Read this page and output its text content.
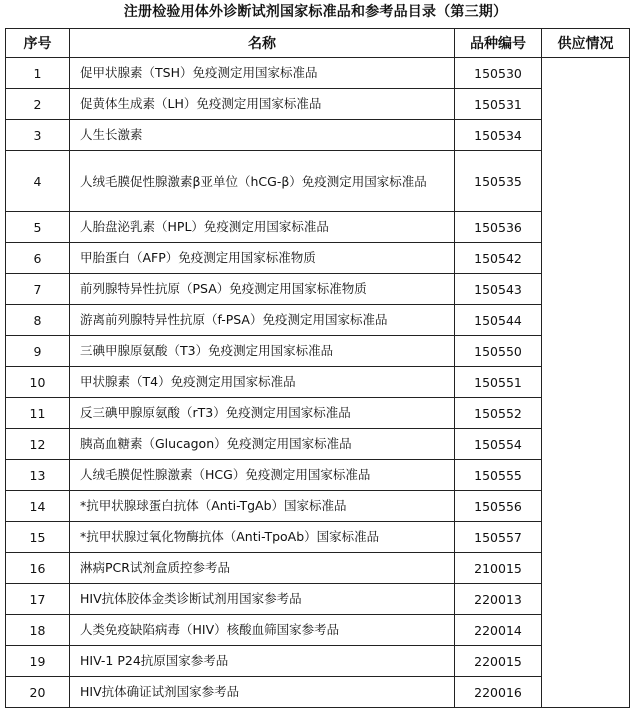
注册检验用体外诊断试剂国家标准品和参考品目录（第三期）
序号	名称	品种编号	供应情况
1	促甲状腺素（TSH）免疫测定用国家标准品	150530	
2	促黄体生成素（LH）免疫测定用国家标准品	150531	
3	人生长激素	150534	
4	人绒毛膜促性腺激素β亚单位（hCG-β）免疫测定用国家标准品	150535	
5	人胎盘泌乳素（HPL）免疫测定用国家标准品	150536	
6	甲胎蛋白（AFP）免疫测定用国家标准物质	150542	
7	前列腺特异性抗原（PSA）免疫测定用国家标准物质	150543	
8	游离前列腺特异性抗原（f-PSA）免疫测定用国家标准品	150544	
9	三碘甲腺原氨酸（T3）免疫测定用国家标准品	150550	
10	甲状腺素（T4）免疫测定用国家标准品	150551	
11	反三碘甲腺原氨酸（rT3）免疫测定用国家标准品	150552	
12	胰高血糖素（Glucagon）免疫测定用国家标准品	150554	
13	人绒毛膜促性腺激素（HCG）免疫测定用国家标准品	150555	
14	*抗甲状腺球蛋白抗体（Anti-TgAb）国家标准品	150556	
15	*抗甲状腺过氧化物酶抗体（Anti-TpoAb）国家标准品	150557	
16	淋病PCR试剂盒质控参考品	210015	
17	HIV抗体胶体金类诊断试剂用国家参考品	220013	
18	人类免疫缺陷病毒（HIV）核酸血筛国家参考品	220014	
19	HIV-1 P24抗原国家参考品	220015	
20	HIV抗体确证试剂国家参考品	220016	
